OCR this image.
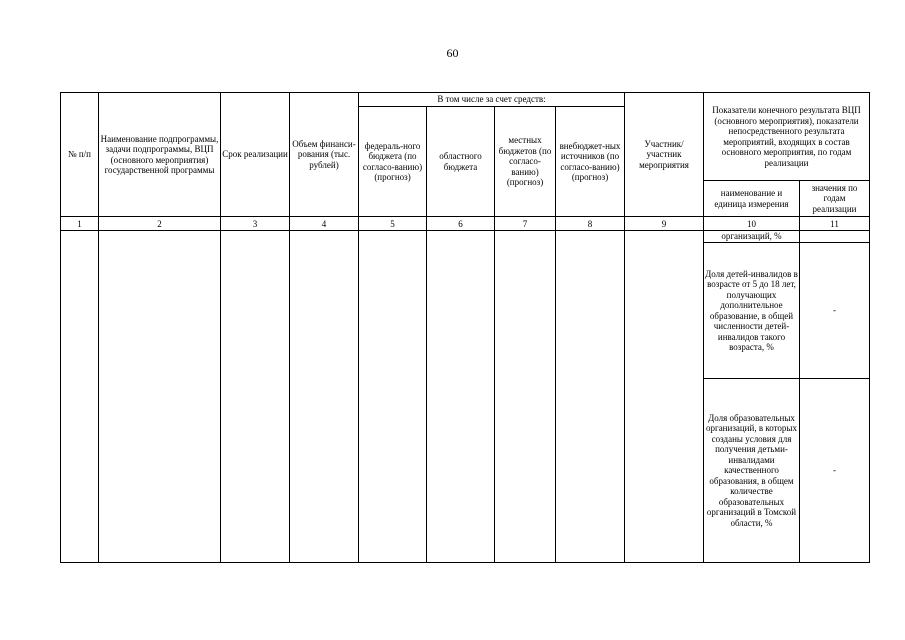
60
№ п/п	Наименование подпрограммы, задачи подпрограммы, ВЦП (основного мероприятия) государственной программы	Срок реализации	Объем финанси-рования (тыс. рублей)	В том числе за счет средств:				Участник/ участник мероприятия	Показатели конечного результата ВЦП (основного мероприятия), показатели непосредственного результата мероприятий, входящих в состав основного мероприятия, по годам реализации	
				федераль-ного бюджета (по согласо-ванию) (прогноз)	областного бюджета	местных бюджетов (по согласо-ванию) (прогноз)	внебюджет-ных источников (по согласо-ванию) (прогноз)			
									наименование и единица измерения	значения по годам реализации
1	2	3	4	5	6	7	8	9	10	11
									организаций, %	
									Доля детей-инвалидов в возрасте от 5 до 18 лет, получающих дополнительное образование, в общей численности детей-инвалидов такого возраста, %	-
									Доля образовательных организаций, в которых созданы условия для получения детьми-инвалидами качественного образования, в общем количестве образовательных организаций в Томской области, %	-
